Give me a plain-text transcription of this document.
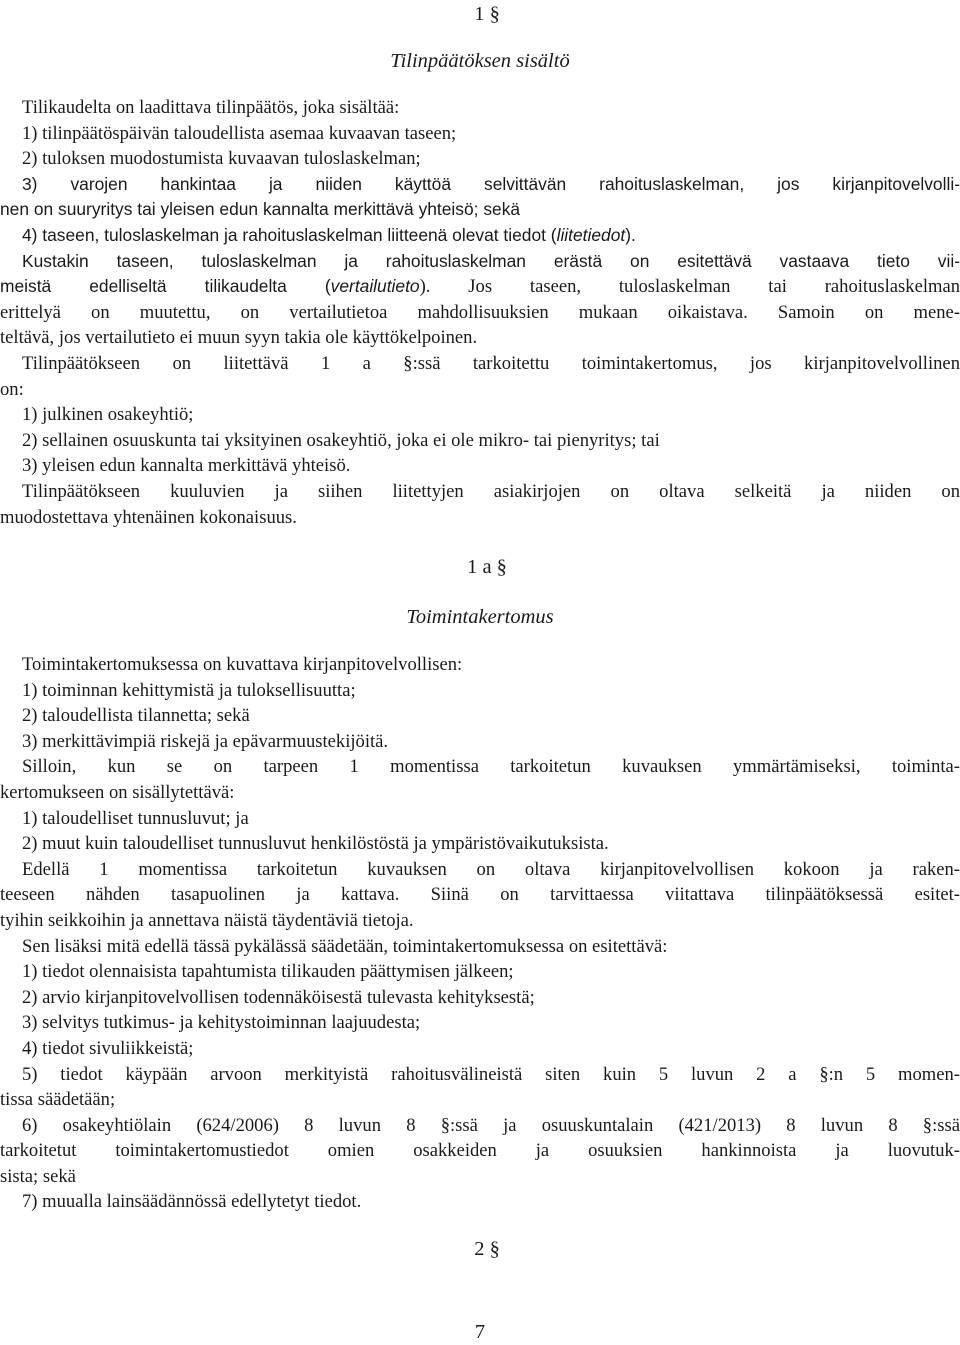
1 §
Tilinpäätöksen sisältö
Tilikaudelta on laadittava tilinpäätös, joka sisältää:
1) tilinpäätöspäivän taloudellista asemaa kuvaavan taseen;
2) tuloksen muodostumista kuvaavan tuloslaskelman;
3) varojen hankintaa ja niiden käyttöä selvittävän rahoituslaskelman, jos kirjanpitovelvolli-
nen on suuryritys tai yleisen edun kannalta merkittävä yhteisö; sekä
4) taseen, tuloslaskelman ja rahoituslaskelman liitteenä olevat tiedot (liitetiedot).
Kustakin taseen, tuloslaskelman ja rahoituslaskelman erästä on esitettävä vastaava tieto vii-
meistä edelliseltä tilikaudelta (vertailutieto). Jos taseen, tuloslaskelman tai rahoituslaskelman
erittelyä on muutettu, on vertailutietoa mahdollisuuksien mukaan oikaistava. Samoin on mene-
teltävä, jos vertailutieto ei muun syyn takia ole käyttökelpoinen.
Tilinpäätökseen on liitettävä 1 a §:ssä tarkoitettu toimintakertomus, jos kirjanpitovelvollinen
on:
1) julkinen osakeyhtiö;
2) sellainen osuuskunta tai yksityinen osakeyhtiö, joka ei ole mikro- tai pienyritys; tai
3) yleisen edun kannalta merkittävä yhteisö.
Tilinpäätökseen kuuluvien ja siihen liitettyjen asiakirjojen on oltava selkeitä ja niiden on
muodostettava yhtenäinen kokonaisuus.
1 a §
Toimintakertomus
Toimintakertomuksessa on kuvattava kirjanpitovelvollisen:
1) toiminnan kehittymistä ja tuloksellisuutta;
2) taloudellista tilannetta; sekä
3) merkittävimpiä riskejä ja epävarmuustekijöitä.
Silloin, kun se on tarpeen 1 momentissa tarkoitetun kuvauksen ymmärtämiseksi, toiminta-
kertomukseen on sisällytettävä:
1) taloudelliset tunnusluvut; ja
2) muut kuin taloudelliset tunnusluvut henkilöstöstä ja ympäristövaikutuksista.
Edellä 1 momentissa tarkoitetun kuvauksen on oltava kirjanpitovelvollisen kokoon ja raken-
teeseen nähden tasapuolinen ja kattava. Siinä on tarvittaessa viitattava tilinpäätöksessä esitet-
tyihin seikkoihin ja annettava näistä täydentäviä tietoja.
Sen lisäksi mitä edellä tässä pykälässä säädetään, toimintakertomuksessa on esitettävä:
1) tiedot olennaisista tapahtumista tilikauden päättymisen jälkeen;
2) arvio kirjanpitovelvollisen todennäköisestä tulevasta kehityksestä;
3) selvitys tutkimus- ja kehitystoiminnan laajuudesta;
4) tiedot sivuliikkeistä;
5) tiedot käypään arvoon merkityistä rahoitusvälineistä siten kuin 5 luvun 2 a §:n 5 momen-
tissa säädetään;
6) osakeyhtiölain (624/2006) 8 luvun 8 §:ssä ja osuuskuntalain (421/2013) 8 luvun 8 §:ssä
tarkoitetut toimintakertomustiedot omien osakkeiden ja osuuksien hankinnoista ja luovutuk-
sista; sekä
7) muualla lainsäädännössä edellytetyt tiedot.
2 §
7
